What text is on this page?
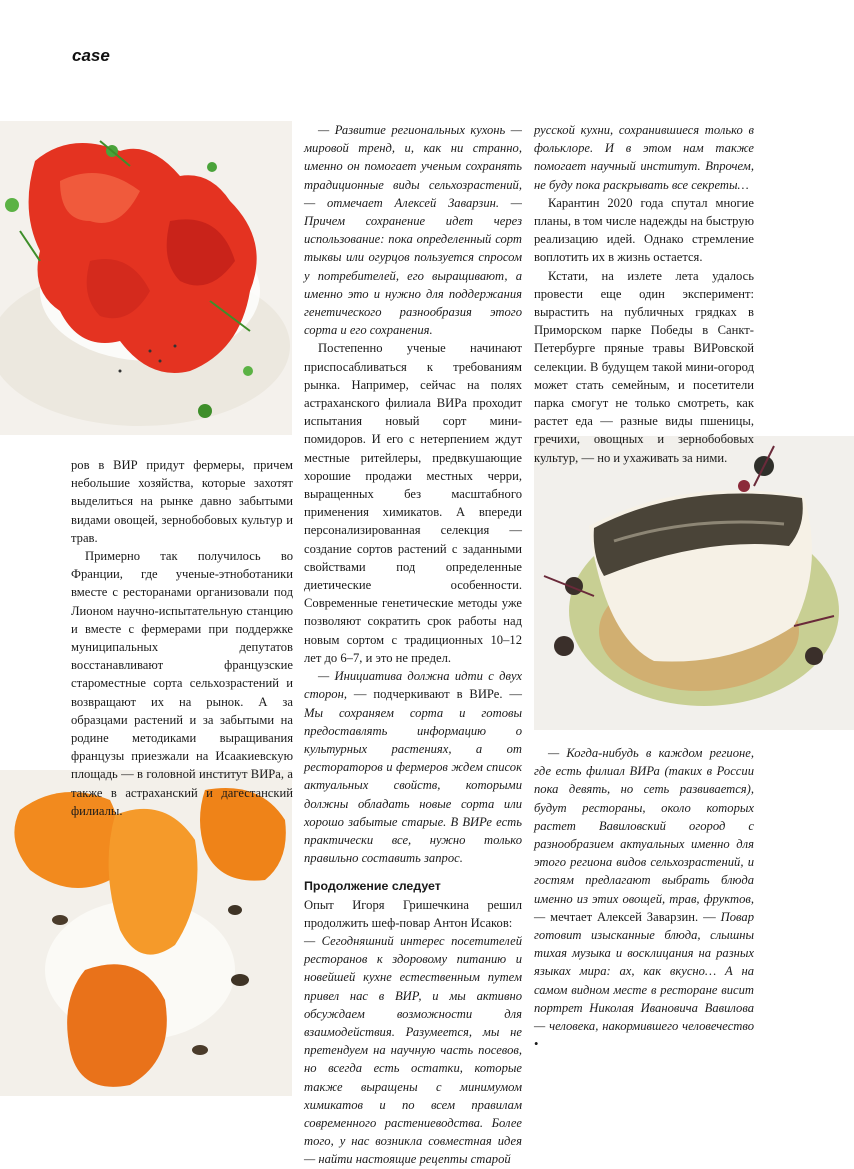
case

ров в ВИР придут фермеры, причем небольшие хозяйства, которые захотят выделиться на рынке давно забытыми видами овощей, зернобобовых культур и трав.

Примерно так получилось во Франции, где ученые-этноботаники вместе с ресторанами организовали под Лионом научно-испытательную станцию и вместе с фермерами при поддержке муниципальных депутатов восстанавливают французские староместные сорта сельхозрастений и возвращают их на рынок. А за образцами растений и за забытыми на родине методиками выращивания французы приезжали на Исаакиевскую площадь — в головной институт ВИРа, а также в астраханский и дагестанский филиалы.

— Развитие региональных кухонь — мировой тренд, и, как ни странно, именно он помогает ученым сохранять традиционные виды сельхозрастений, — отмечает Алексей Заварзин. — Причем сохранение идет через использование: пока определенный сорт тыквы или огурцов пользуется спросом у потребителей, его выращивают, а именно это и нужно для поддержания генетического разнообразия этого сорта и его сохранения.

Постепенно ученые начинают приспосабливаться к требованиям рынка. Например, сейчас на полях астраханского филиала ВИРа проходит испытания новый сорт мини-помидоров. И его с нетерпением ждут местные ритейлеры, предвкушающие хорошие продажи местных черри, выращенных без масштабного применения химикатов. А впереди персонализированная селекция — создание сортов растений с заданными свойствами под определенные диетические особенности. Современные генетические методы уже позволяют сократить срок работы над новым сортом с традиционных 10–12 лет до 6–7, и это не предел.

— Инициатива должна идти с двух сторон, — подчеркивают в ВИРе. — Мы сохраняем сорта и готовы предоставлять информацию о культурных растениях, а от рестораторов и фермеров ждем список актуальных свойств, которыми должны обладать новые сорта или хорошо забытые старые. В ВИРе есть практически все, нужно только правильно составить запрос.

Продолжение следует

Опыт Игоря Гришечкина решил продолжить шеф-повар Антон Исаков:

— Сегодняшний интерес посетителей ресторанов к здоровому питанию и новейшей кухне естественным путем привел нас в ВИР, и мы активно обсуждаем возможности для взаимодействия. Разумеется, мы не претендуем на научную часть посевов, но всегда есть остатки, которые также выращены с минимумом химикатов и по всем правилам современного растениеводства. Более того, у нас возникла совместная идея — найти настоящие рецепты старой

русской кухни, сохранившиеся только в фольклоре. И в этом нам также помогает научный институт. Впрочем, не буду пока раскрывать все секреты…

Карантин 2020 года спутал многие планы, в том числе надежды на быструю реализацию идей. Однако стремление воплотить их в жизнь остается.

Кстати, на излете лета удалось провести еще один эксперимент: вырастить на публичных грядках в Приморском парке Победы в Санкт-Петербурге пряные травы ВИРовской селекции. В будущем такой мини-огород может стать семейным, и посетители парка смогут не только смотреть, как растет еда — разные виды пшеницы, гречихи, овощных и зернобобовых культур, — но и ухаживать за ними.

— Когда-нибудь в каждом регионе, где есть филиал ВИРа (таких в России пока девять, но сеть развивается), будут рестораны, около которых растет Вавиловский огород с разнообразием актуальных именно для этого региона видов сельхозрастений, и гостям предлагают выбрать блюда именно из этих овощей, трав, фруктов, — мечтает Алексей Заварзин. — Повар готовит изысканные блюда, слышны тихая музыка и восклицания на разных языках мира: ах, как вкусно… А на самом видном месте в ресторане висит портрет Николая Ивановича Вавилова — человека, накормившего человечество •
